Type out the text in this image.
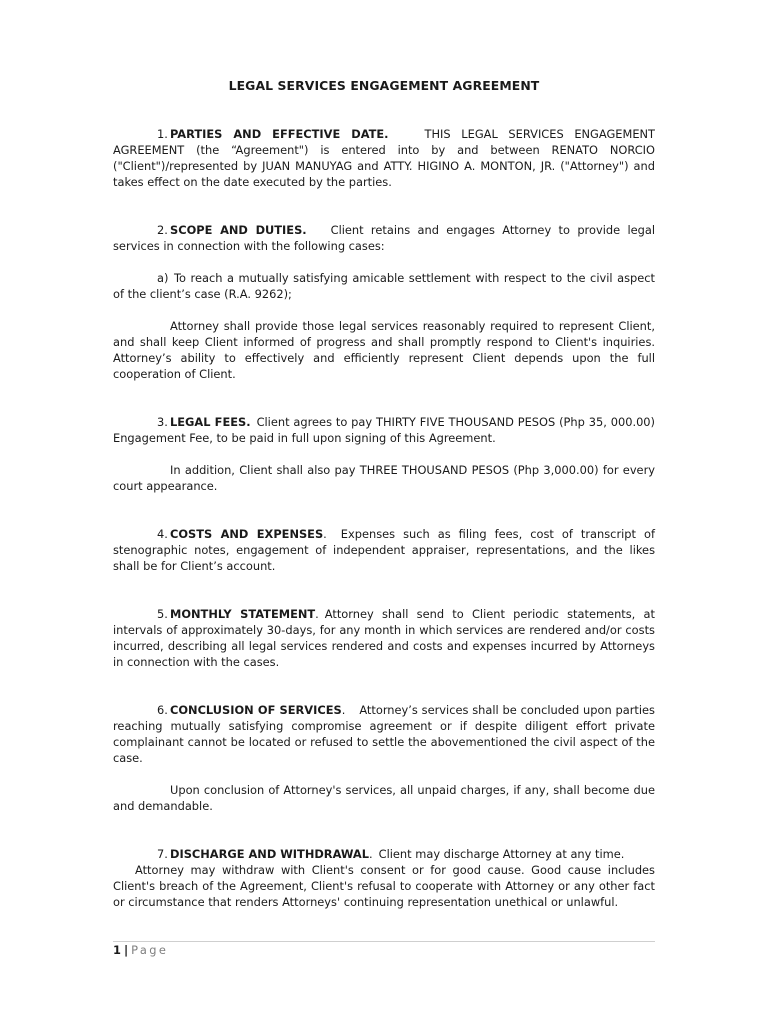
LEGAL SERVICES ENGAGEMENT AGREEMENT

1. PARTIES AND EFFECTIVE DATE.	THIS LEGAL SERVICES ENGAGEMENT AGREEMENT (the “Agreement") is entered into by and between RENATO NORCIO ("Client")/represented by JUAN MANUYAG and ATTY. HIGINO A. MONTON, JR. ("Attorney") and takes effect on the date executed by the parties.

2. SCOPE AND DUTIES. Client retains and engages Attorney to provide legal services in connection with the following cases:

a) To reach a mutually satisfying amicable settlement with respect to the civil aspect of the client’s case (R.A. 9262);

Attorney shall provide those legal services reasonably required to represent Client, and shall keep Client informed of progress and shall promptly respond to Client's inquiries. Attorney’s ability to effectively and efficiently represent Client depends upon the full cooperation of Client.

3. LEGAL FEES. Client agrees to pay THIRTY FIVE THOUSAND PESOS (Php 35, 000.00) Engagement Fee, to be paid in full upon signing of this Agreement.

In addition, Client shall also pay THREE THOUSAND PESOS (Php 3,000.00) for every court appearance.

4. COSTS AND EXPENSES. Expenses such as filing fees, cost of transcript of stenographic notes, engagement of independent appraiser, representations, and the likes shall be for Client’s account.

5. MONTHLY STATEMENT. Attorney shall send to Client periodic statements, at intervals of approximately 30-days, for any month in which services are rendered and/or costs incurred, describing all legal services rendered and costs and expenses incurred by Attorneys in connection with the cases.

6. CONCLUSION OF SERVICES. Attorney’s services shall be concluded upon parties reaching mutually satisfying compromise agreement or if despite diligent effort private complainant cannot be located or refused to settle the abovementioned the civil aspect of the case.

Upon conclusion of Attorney's services, all unpaid charges, if any, shall become due and demandable.

7. DISCHARGE AND WITHDRAWAL. Client may discharge Attorney at any time.

Attorney may withdraw with Client's consent or for good cause. Good cause includes Client's breach of the Agreement, Client's refusal to cooperate with Attorney or any other fact or circumstance that renders Attorneys' continuing representation unethical or unlawful.

1 | Page
